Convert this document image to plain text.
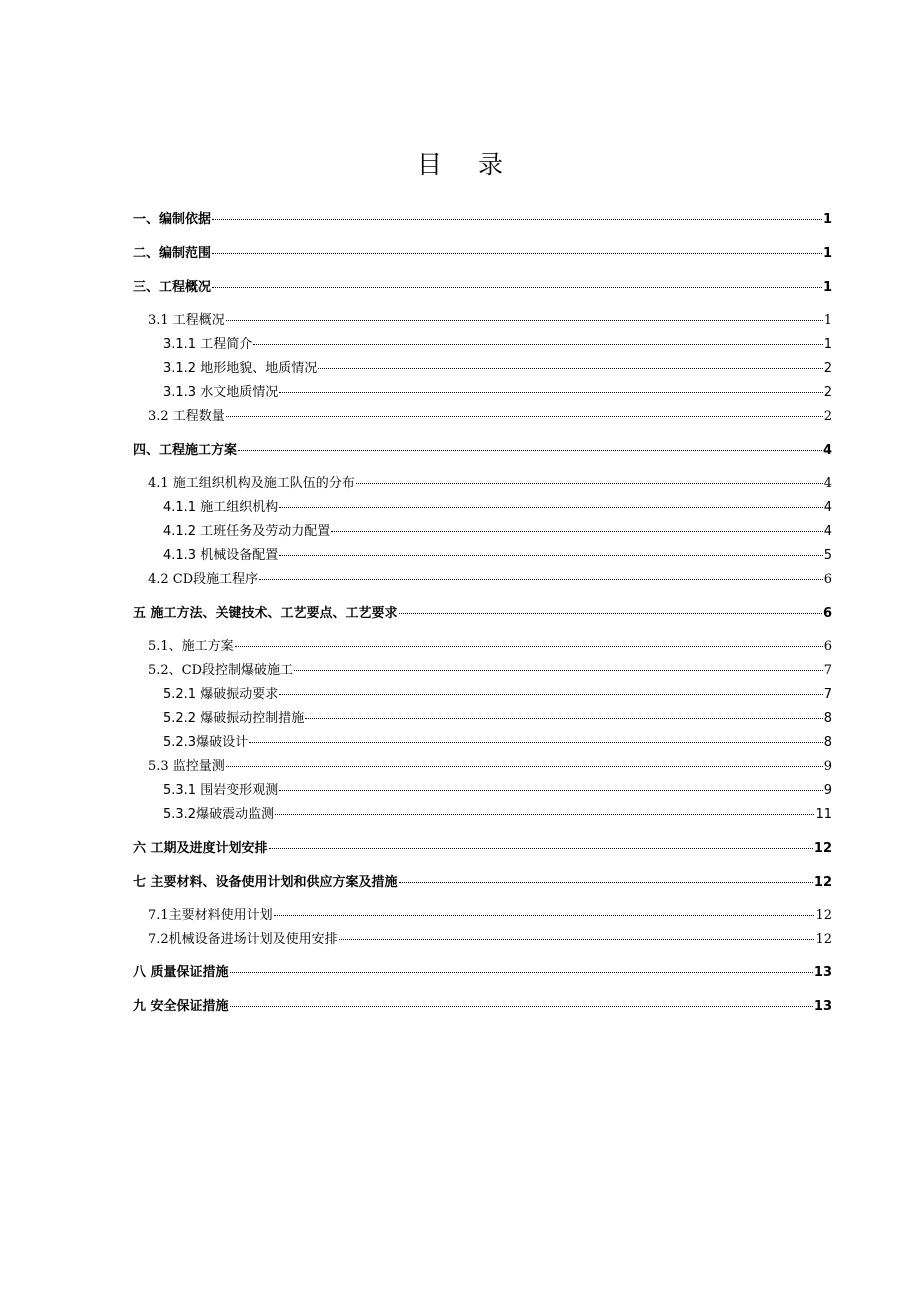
目 录
一、编制依据	1
二、编制范围	1
三、工程概况	1
3.1 工程概况	1
3.1.1 工程简介	1
3.1.2 地形地貌、地质情况	2
3.1.3 水文地质情况	2
3.2 工程数量	2
四、工程施工方案	4
4.1 施工组织机构及施工队伍的分布	4
4.1.1 施工组织机构	4
4.1.2 工班任务及劳动力配置	4
4.1.3 机械设备配置	5
4.2 CD段施工程序	6
五 施工方法、关键技术、工艺要点、工艺要求	6
5.1、施工方案	6
5.2、CD段控制爆破施工	7
5.2.1 爆破振动要求	7
5.2.2 爆破振动控制措施	8
5.2.3爆破设计	8
5.3 监控量测	9
5.3.1 围岩变形观测	9
5.3.2爆破震动监测	11
六 工期及进度计划安排	12
七 主要材料、设备使用计划和供应方案及措施	12
7.1主要材料使用计划	12
7.2机械设备进场计划及使用安排	12
八 质量保证措施	13
九 安全保证措施	13
